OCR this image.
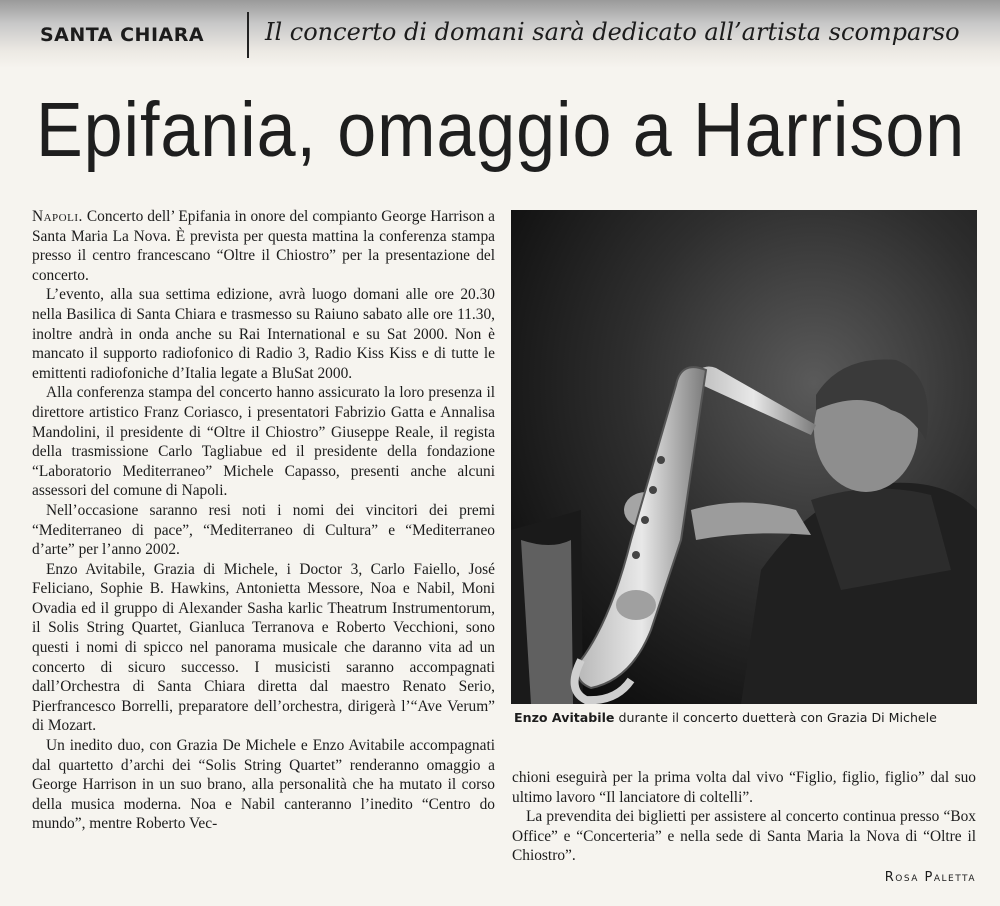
SANTA CHIARA	Il concerto di domani sarà dedicato all’artista scomparso
Epifania, omaggio a Harrison

Napoli. Concerto dell’ Epifania in onore del compianto George Harrison a Santa Maria La Nova. È prevista per questa mattina la conferenza stampa presso il centro francescano “Oltre il Chiostro” per la presentazione del concerto.

L’evento, alla sua settima edizione, avrà luogo domani alle ore 20.30 nella Basilica di Santa Chiara e trasmesso su Raiuno sabato alle ore 11.30, inoltre andrà in onda anche su Rai International e su Sat 2000. Non è mancato il supporto radiofonico di Radio 3, Radio Kiss Kiss e di tutte le emittenti radiofoniche d’Italia legate a BluSat 2000.

Alla conferenza stampa del concerto hanno assicurato la loro presenza il direttore artistico Franz Coriasco, i presentatori Fabrizio Gatta e Annalisa Mandolini, il presidente di “Oltre il Chiostro” Giuseppe Reale, il regista della trasmissione Carlo Tagliabue ed il presidente della fondazione “Laboratorio Mediterraneo” Michele Capasso, presenti anche alcuni assessori del comune di Napoli.

Nell’occasione saranno resi noti i nomi dei vincitori dei premi “Mediterraneo di pace”, “Mediterraneo di Cultura” e “Mediterraneo d’arte” per l’anno 2002.

Enzo Avitabile, Grazia di Michele, i Doctor 3, Carlo Faiello, José Feliciano, Sophie B. Hawkins, Antonietta Messore, Noa e Nabil, Moni Ovadia ed il gruppo di Alexander Sasha karlic Theatrum Instrumentorum, il Solis String Quartet, Gianluca Terranova e Roberto Vecchioni, sono questi i nomi di spicco nel panorama musicale che daranno vita ad un concerto di sicuro successo. I musicisti saranno accompagnati dall’Orchestra di Santa Chiara diretta dal maestro Renato Serio, Pierfrancesco Borrelli, preparatore dell’orchestra, dirigerà l’“Ave Verum” di Mozart.

Un inedito duo, con Grazia De Michele e Enzo Avitabile accompagnati dal quartetto d’archi dei “Solis String Quartet” renderanno omaggio a George Harrison in un suo brano, alla personalità che ha mutato il corso della musica moderna. Noa e Nabil canteranno l’inedito “Centro do mundo”, mentre Roberto Vec-

Enzo Avitabile durante il concerto duetterà con Grazia Di Michele

chioni eseguirà per la prima volta dal vivo “Figlio, figlio, figlio” dal suo ultimo lavoro “Il lanciatore di coltelli”.

La prevendita dei biglietti per assistere al concerto continua presso “Box Office” e “Concerteria” e nella sede di Santa Maria la Nova di “Oltre il Chiostro”.

Rosa Paletta
